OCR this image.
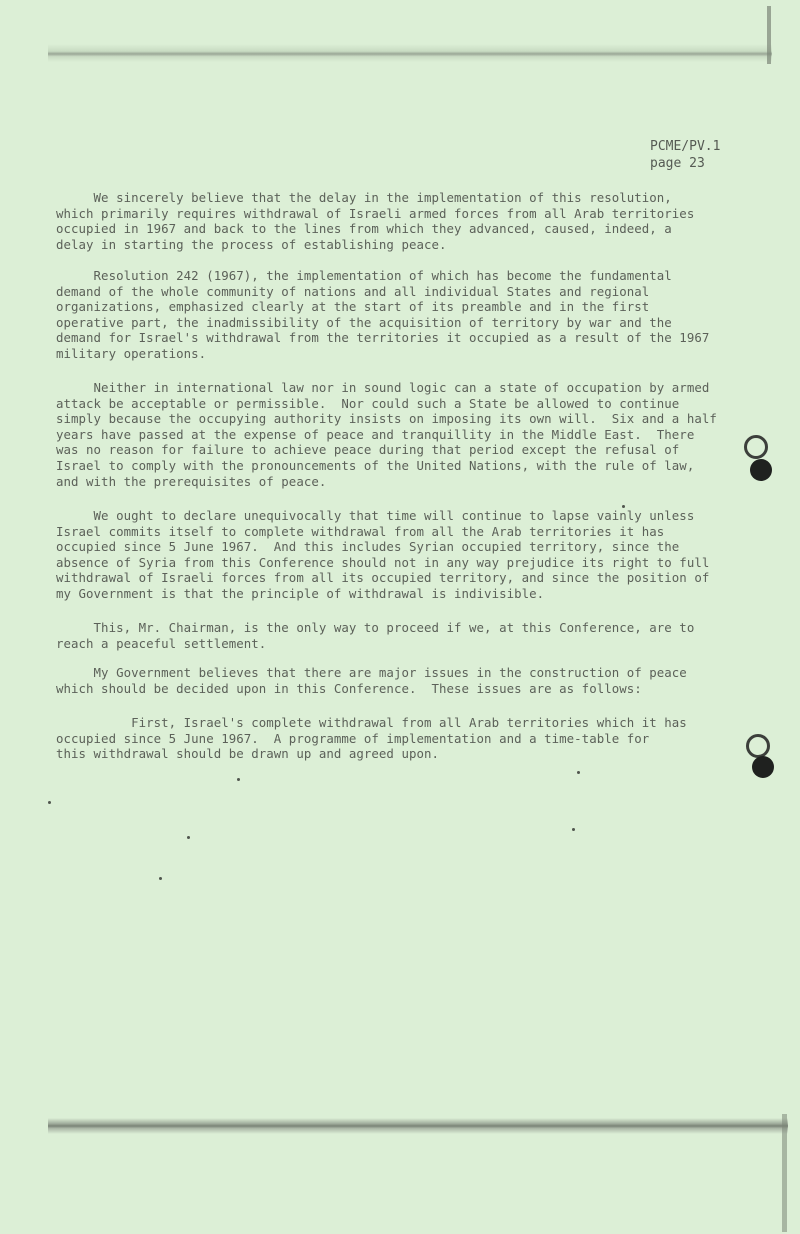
PCME/PV.1
page 23

We sincerely believe that the delay in the implementation of this resolution,
which primarily requires withdrawal of Israeli armed forces from all Arab territories
occupied in 1967 and back to the lines from which they advanced, caused, indeed, a
delay in starting the process of establishing peace.

Resolution 242 (1967), the implementation of which has become the fundamental
demand of the whole community of nations and all individual States and regional
organizations, emphasized clearly at the start of its preamble and in the first
operative part, the inadmissibility of the acquisition of territory by war and the
demand for Israel's withdrawal from the territories it occupied as a result of the 1967
military operations.

Neither in international law nor in sound logic can a state of occupation by armed
attack be acceptable or permissible.  Nor could such a State be allowed to continue
simply because the occupying authority insists on imposing its own will.  Six and a half
years have passed at the expense of peace and tranquillity in the Middle East.  There
was no reason for failure to achieve peace during that period except the refusal of
Israel to comply with the pronouncements of the United Nations, with the rule of law,
and with the prerequisites of peace.

We ought to declare unequivocally that time will continue to lapse vainly unless
Israel commits itself to complete withdrawal from all the Arab territories it has
occupied since 5 June 1967.  And this includes Syrian occupied territory, since the
absence of Syria from this Conference should not in any way prejudice its right to full
withdrawal of Israeli forces from all its occupied territory, and since the position of
my Government is that the principle of withdrawal is indivisible.

This, Mr. Chairman, is the only way to proceed if we, at this Conference, are to
reach a peaceful settlement.

My Government believes that there are major issues in the construction of peace
which should be decided upon in this Conference.  These issues are as follows:

First, Israel's complete withdrawal from all Arab territories which it has
occupied since 5 June 1967.  A programme of implementation and a time-table for
this withdrawal should be drawn up and agreed upon.
